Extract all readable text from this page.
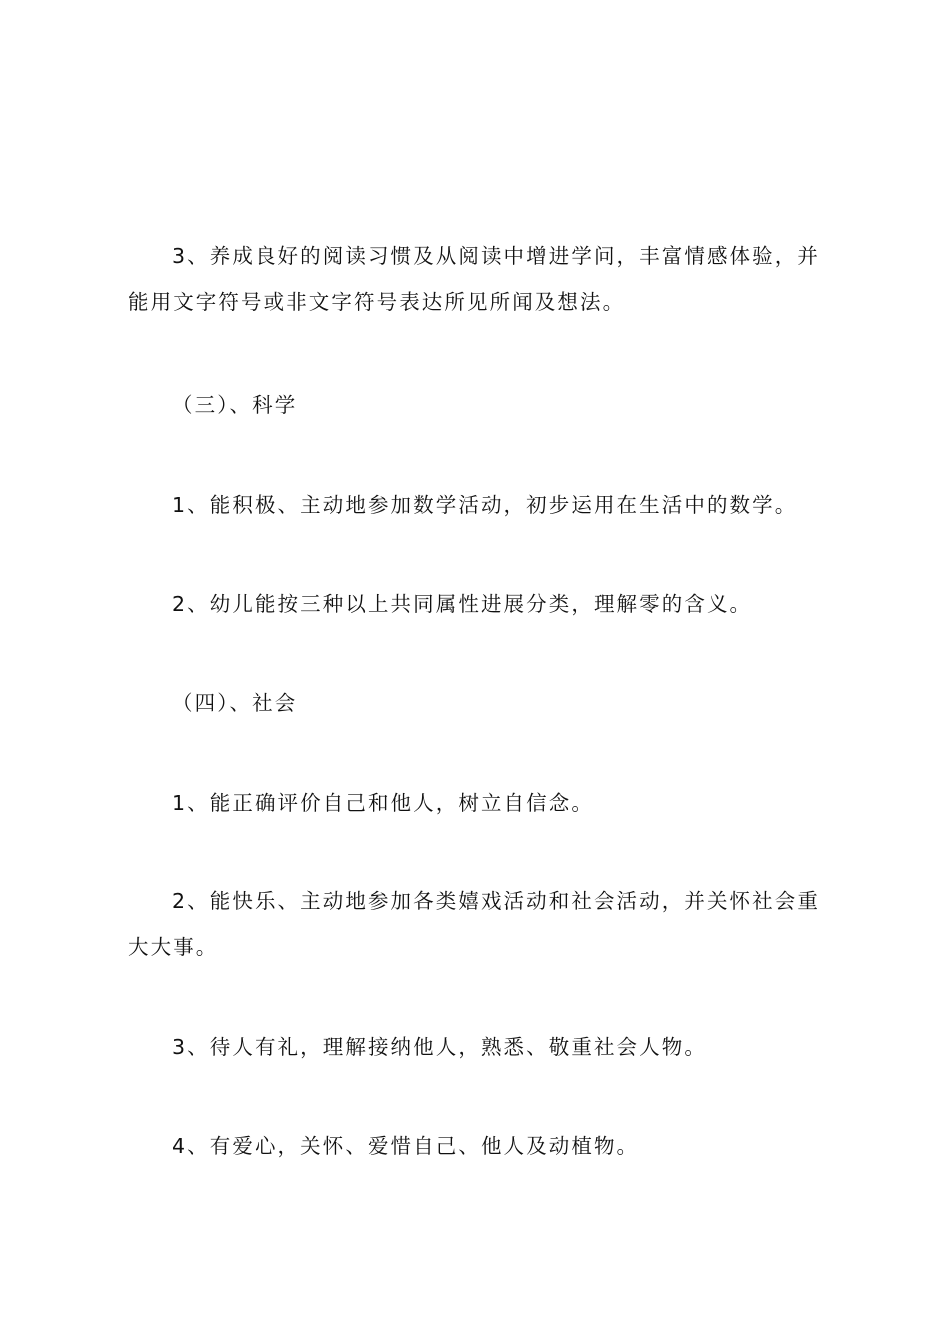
3、养成良好的阅读习惯及从阅读中增进学问，丰富情感体验，并能用文字符号或非文字符号表达所见所闻及想法。

（三）、科学

1、能积极、主动地参加数学活动，初步运用在生活中的数学。

2、幼儿能按三种以上共同属性进展分类，理解零的含义。

（四）、社会

1、能正确评价自己和他人，树立自信念。

2、能快乐、主动地参加各类嬉戏活动和社会活动，并关怀社会重大大事。

3、待人有礼，理解接纳他人，熟悉、敬重社会人物。

4、有爱心，关怀、爱惜自己、他人及动植物。
